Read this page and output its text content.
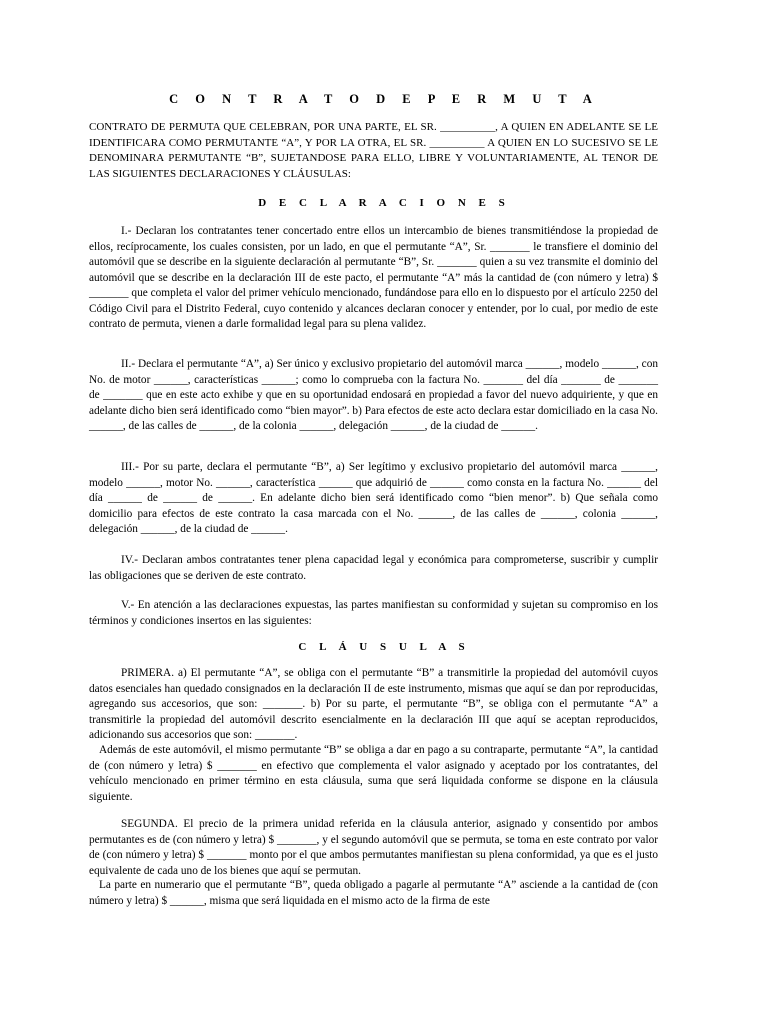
C O N T R A T O D E P E R M U T A

CONTRATO DE PERMUTA QUE CELEBRAN, POR UNA PARTE, EL SR. __________, A QUIEN EN ADELANTE SE LE IDENTIFICARA COMO PERMUTANTE “A”, Y POR LA OTRA, EL SR. __________ A QUIEN EN LO SUCESIVO SE LE DENOMINARA PERMUTANTE “B”, SUJETANDOSE PARA ELLO, LIBRE Y VOLUNTARIAMENTE, AL TENOR DE LAS SIGUIENTES DECLARACIONES Y CLÁUSULAS:

D E C L A R A C I O N E S

I.- Declaran los contratantes tener concertado entre ellos un intercambio de bienes transmitiéndose la propiedad de ellos, recíprocamente, los cuales consisten, por un lado, en que el permutante “A”, Sr. _______ le transfiere el dominio del automóvil que se describe en la siguiente declaración al permutante “B”, Sr. _______ quien a su vez transmite el dominio del automóvil que se describe en la declaración III de este pacto, el permutante “A” más la cantidad de (con número y letra) $ _______ que completa el valor del primer vehículo mencionado, fundándose para ello en lo dispuesto por el artículo 2250 del Código Civil para el Distrito Federal, cuyo contenido y alcances declaran conocer y entender, por lo cual, por medio de este contrato de permuta, vienen a darle formalidad legal para su plena validez.

II.- Declara el permutante “A”, a) Ser único y exclusivo propietario del automóvil marca ______, modelo ______, con No. de motor ______, características ______; como lo comprueba con la factura No. _______ del día _______ de _______ de _______ que en este acto exhibe y que en su oportunidad endosará en propiedad a favor del nuevo adquiriente, y que en adelante dicho bien será identificado como “bien mayor”. b) Para efectos de este acto declara estar domiciliado en la casa No. ______, de las calles de ______, de la colonia ______, delegación ______, de la ciudad de ______.

III.- Por su parte, declara el permutante “B”, a) Ser legítimo y exclusivo propietario del automóvil marca ______, modelo ______, motor No. ______, característica ______ que adquirió de ______ como consta en la factura No. ______ del día ______ de ______ de ______. En adelante dicho bien será identificado como “bien menor”. b) Que señala como domicilio para efectos de este contrato la casa marcada con el No. ______, de las calles de ______, colonia ______, delegación ______, de la ciudad de ______.

IV.- Declaran ambos contratantes tener plena capacidad legal y económica para comprometerse, suscribir y cumplir las obligaciones que se deriven de este contrato.

V.- En atención a las declaraciones expuestas, las partes manifiestan su conformidad y sujetan su compromiso en los términos y condiciones insertos en las siguientes:

C L Á U S U L A S

PRIMERA. a) El permutante “A”, se obliga con el permutante “B” a transmitirle la propiedad del automóvil cuyos datos esenciales han quedado consignados en la declaración II de este instrumento, mismas que aquí se dan por reproducidas, agregando sus accesorios, que son: _______. b) Por su parte, el permutante “B”, se obliga con el permutante “A” a transmitirle la propiedad del automóvil descrito esencialmente en la declaración III que aquí se aceptan reproducidos, adicionando sus accesorios que son: _______.

Además de este automóvil, el mismo permutante “B” se obliga a dar en pago a su contraparte, permutante “A”, la cantidad de (con número y letra) $ _______ en efectivo que complementa el valor asignado y aceptado por los contratantes, del vehículo mencionado en primer término en esta cláusula, suma que será liquidada conforme se dispone en la cláusula siguiente.

SEGUNDA. El precio de la primera unidad referida en la cláusula anterior, asignado y consentido por ambos permutantes es de (con número y letra) $ _______, y el segundo automóvil que se permuta, se toma en este contrato por valor de (con número y letra) $ _______ monto por el que ambos permutantes manifiestan su plena conformidad, ya que es el justo equivalente de cada uno de los bienes que aquí se permutan.

La parte en numerario que el permutante “B”, queda obligado a pagarle al permutante “A” asciende a la cantidad de (con número y letra) $ ______, misma que será liquidada en el mismo acto de la firma de este
